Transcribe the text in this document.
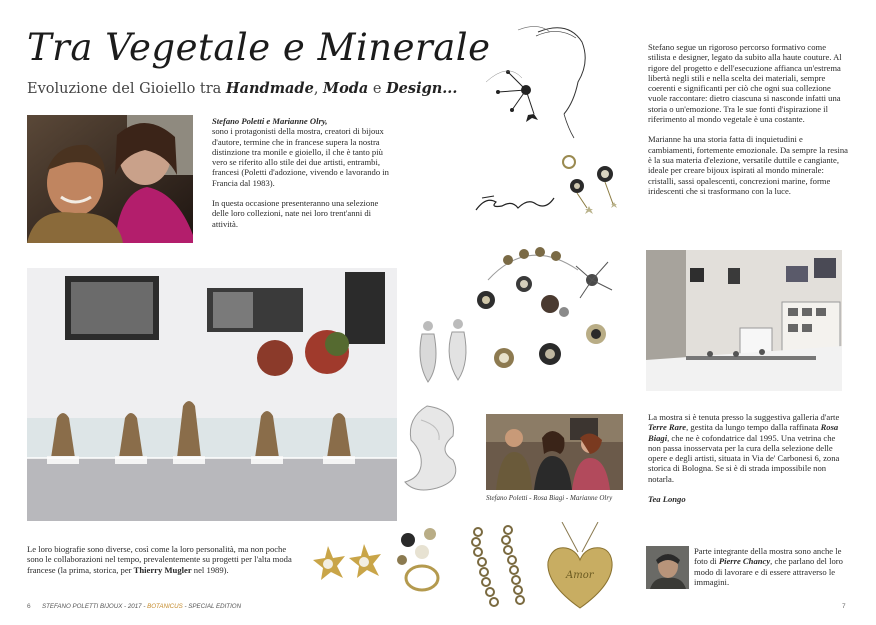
Tra Vegetale e Minerale
Evoluzione del Gioiello tra Handmade, Moda e Design...
Stefano Poletti e Marianne Olry,
sono i protagonisti della mostra, creatori di bijoux d'autore, termine che in francese supera la nostra distinzione tra monile e gioiello, il che è tanto più vero se riferito allo stile dei due artisti, entrambi, francesi (Poletti d'adozione, vivendo e lavorando in Francia dal 1983).
In questa occasione presenteranno una selezione delle loro collezioni, nate nei loro trent'anni di attività.
Le loro biografie sono diverse, così come la loro personalità, ma non poche sono le collaborazioni nel tempo, prevalentemente su progetti per l'alta moda francese (la prima, storica, per Thierry Mugler nel 1989).
Stefano Poletti - Rosa Biagi - Marianne Olry
Amor
Stefano segue un rigoroso percorso formativo come stilista e designer, legato da subito alla haute couture. Al rigore del progetto e dell'esecuzione affianca un'estrema libertà negli stili e nella scelta dei materiali, sempre coerenti e significanti per ciò che ogni sua collezione vuole raccontare: dietro ciascuna si nasconde infatti una storia o un'emozione. Tra le sue fonti d'ispirazione il riferimento al mondo vegetale è una costante.
Marianne ha una storia fatta di inquietudini e cambiamenti, fortemente emozionale. Da sempre la resina è la sua materia d'elezione, versatile duttile e cangiante, ideale per creare bijoux ispirati al mondo minerale: cristalli, sassi opalescenti, concrezioni marine, forme iridescenti che si trasformano con la luce.
La mostra si è tenuta presso la suggestiva galleria d'arte Terre Rare, gestita da lungo tempo dalla raffinata Rosa Biagi, che ne è cofondatrice dal 1995. Una vetrina che non passa inosservata per la cura della selezione delle opere e degli artisti, situata in Via de' Carbonesi 6, zona storica di Bologna. Se si è di strada impossibile non notarla.
Tea Longo
Parte integrante della mostra sono anche le foto di Pierre Chancy, che parlano del loro modo di lavorare e di essere attraverso le immagini.
6 STEFANO POLETTI BIJOUX - 2017 - BOTANICUS - SPECIAL EDITION	7
